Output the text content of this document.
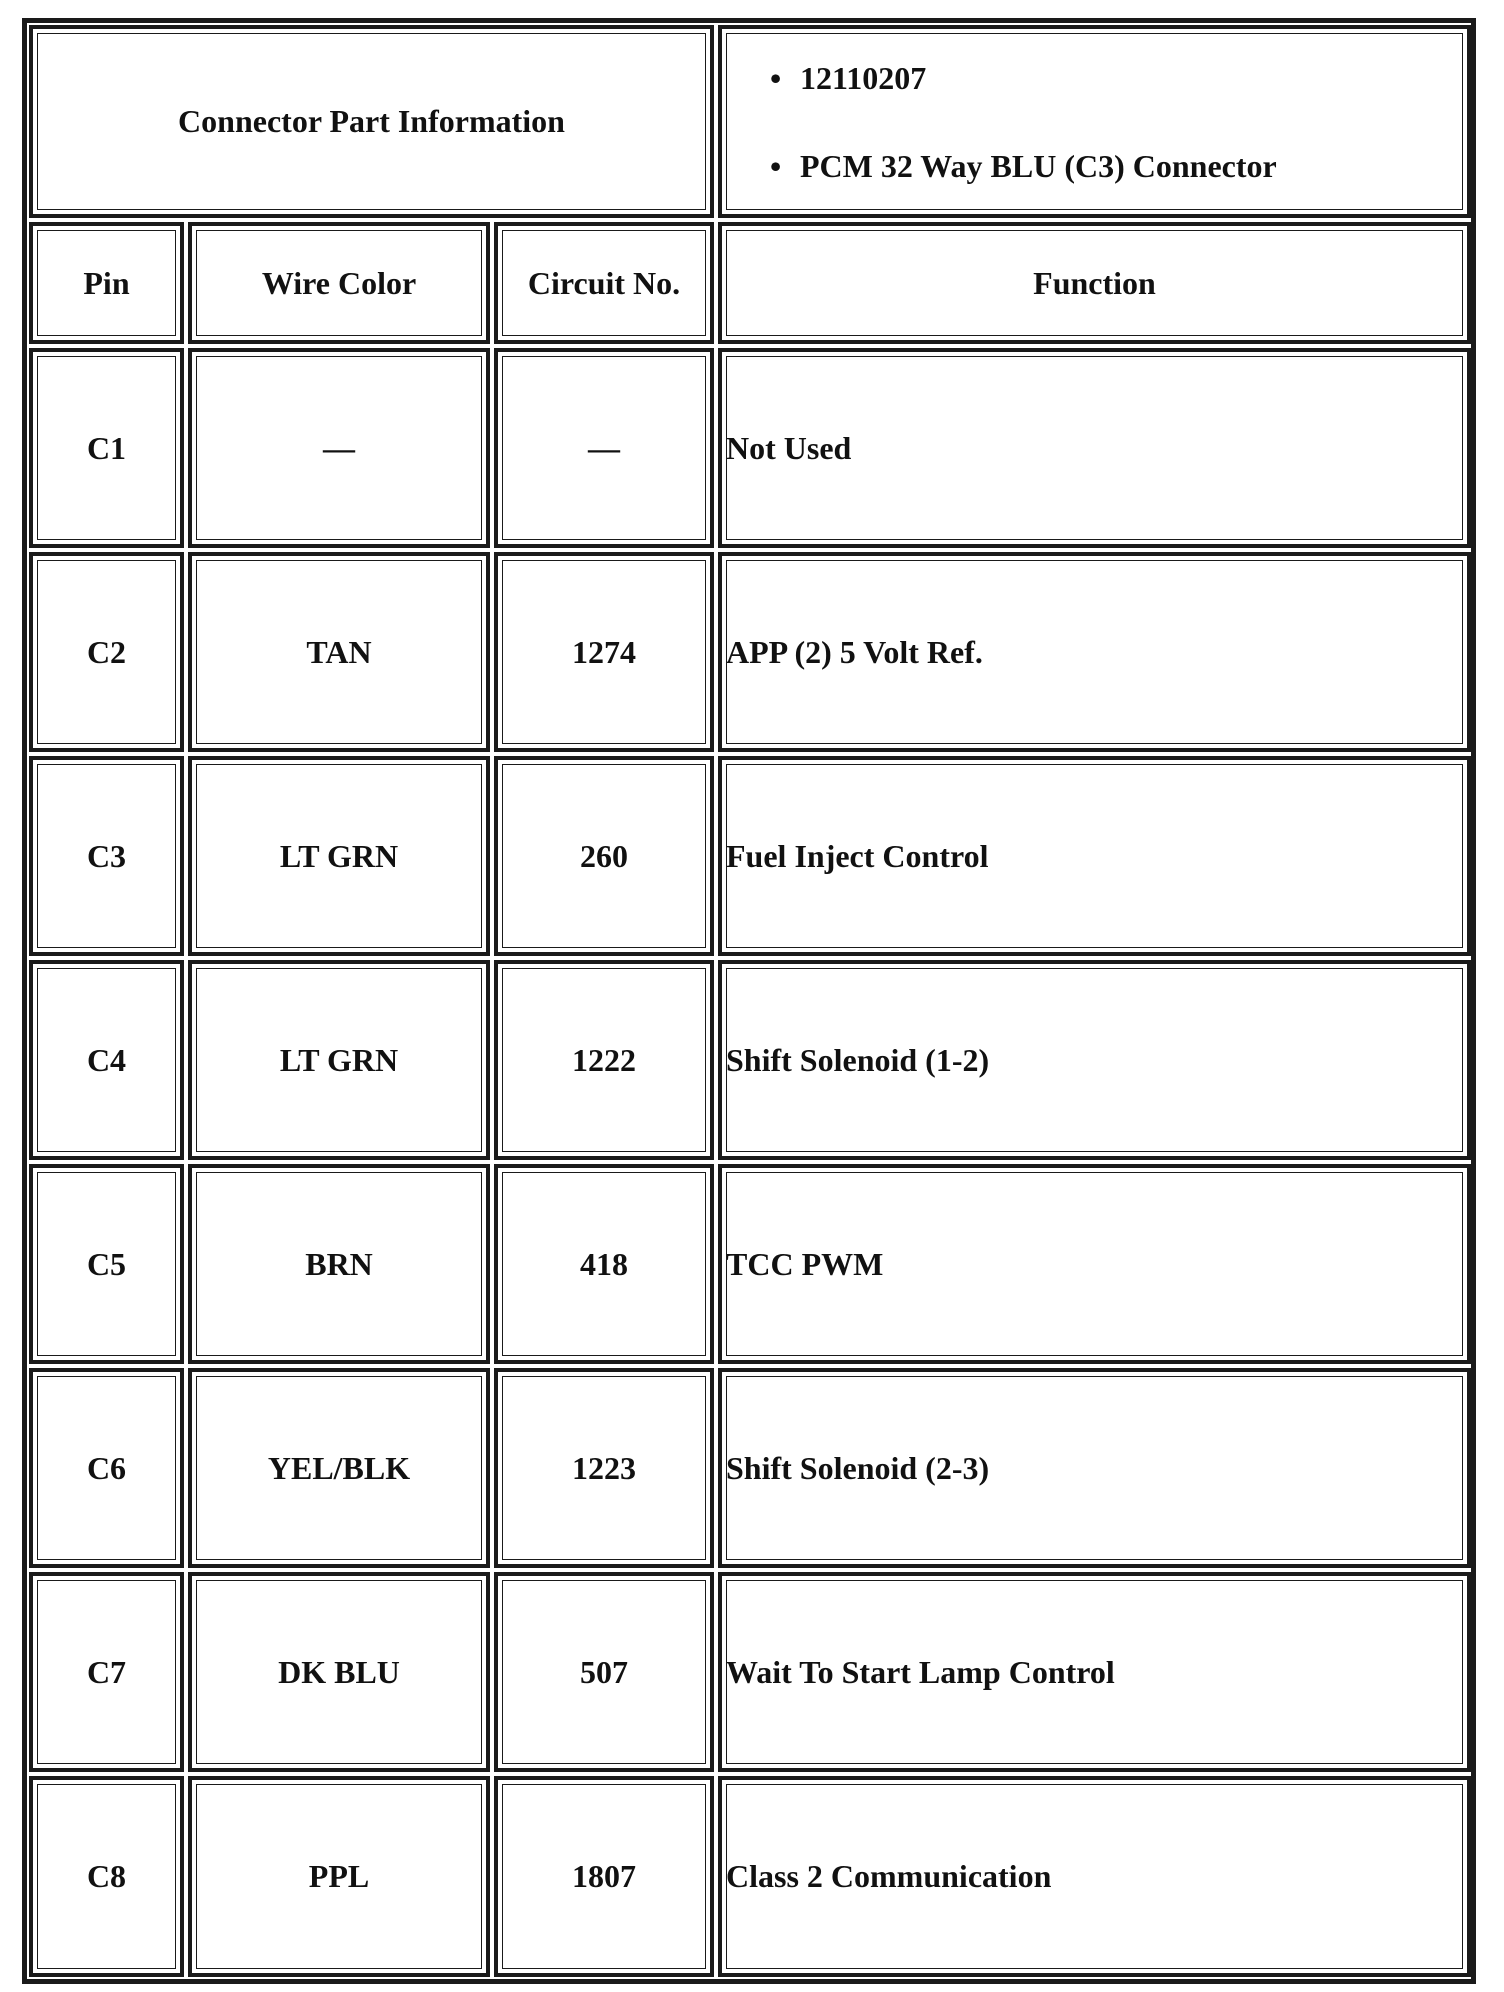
Connector Part Information
• 12110207
• PCM 32 Way BLU (C3) Connector
Pin	Wire Color	Circuit No.	Function
C1	—	—	Not Used
C2	TAN	1274	APP (2) 5 Volt Ref.
C3	LT GRN	260	Fuel Inject Control
C4	LT GRN	1222	Shift Solenoid (1-2)
C5	BRN	418	TCC PWM
C6	YEL/BLK	1223	Shift Solenoid (2-3)
C7	DK BLU	507	Wait To Start Lamp Control
C8	PPL	1807	Class 2 Communication
